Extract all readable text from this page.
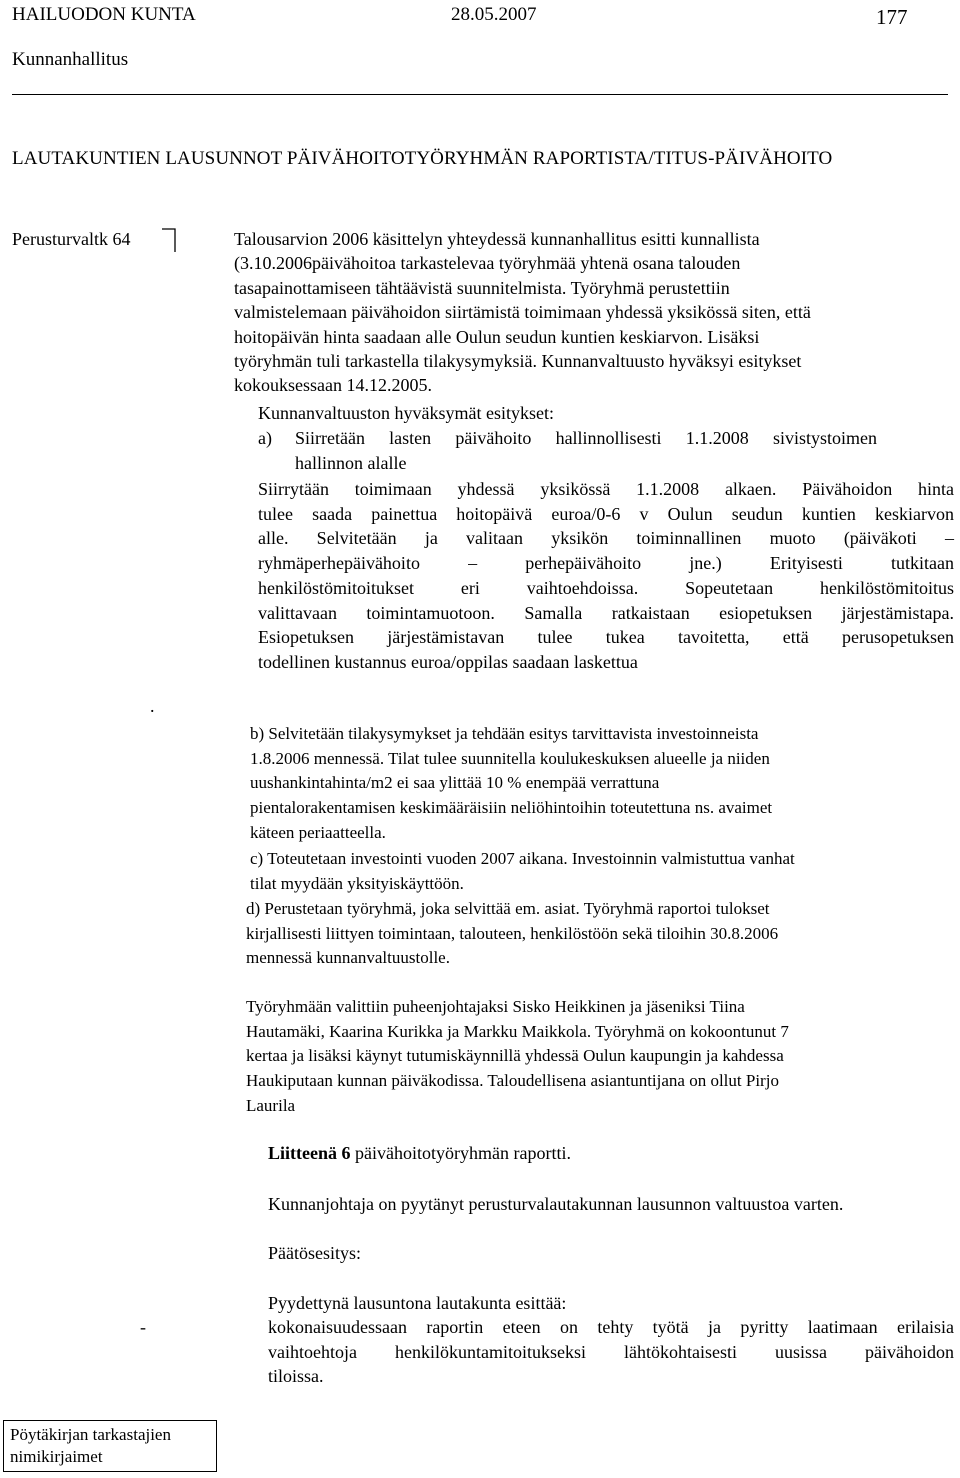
HAILUODON KUNTA	28.05.2007	177
Kunnanhallitus
LAUTAKUNTIEN LAUSUNNOT PÄIVÄHOITOTYÖRYHMÄN RAPORTISTA/TITUS-PÄIVÄHOITO
Perusturvaltk 64	Talousarvion 2006 käsittelyn yhteydessä kunnanhallitus esitti kunnallista
(3.10.2006päivähoitoa tarkastelevaa työryhmää yhtenä osana talouden
tasapainottamiseen tähtäävistä suunnitelmista. Työryhmä perustettiin
valmistelemaan päivähoidon siirtämistä toimimaan yhdessä yksikössä siten, että
hoitopäivän hinta saadaan alle Oulun seudun kuntien keskiarvon. Lisäksi
työryhmän tuli tarkastella tilakysymyksiä. Kunnanvaltuusto hyväksyi esitykset
kokouksessaan 14.12.2005.
Kunnanvaltuuston hyväksymät esitykset:
a) Siirretään lasten päivähoito hallinnollisesti 1.1.2008 sivistystoimen
hallinnon alalle
Siirrytään toimimaan yhdessä yksikössä 1.1.2008 alkaen. Päivähoidon hinta
tulee saada painettua hoitopäivä euroa/0-6 v Oulun seudun kuntien keskiarvon
alle. Selvitetään ja valitaan yksikön toiminnallinen muoto (päiväkoti –
ryhmäperhepäivähoito – perhepäivähoito jne.) Erityisesti tutkitaan
henkilöstömitoitukset eri vaihtoehdoissa. Sopeutetaan henkilöstömitoitus
valittavaan toimintamuotoon. Samalla ratkaistaan esiopetuksen järjestämistapa.
Esiopetuksen järjestämistavan tulee tukea tavoitetta, että perusopetuksen
todellinen kustannus euroa/oppilas saadaan laskettua
.
b) Selvitetään tilakysymykset ja tehdään esitys tarvittavista investoinneista
1.8.2006 mennessä. Tilat tulee suunnitella koulukeskuksen alueelle ja niiden
uushankintahinta/m2 ei saa ylittää 10 % enempää verrattuna
pientalorakentamisen keskimääräisiin neliöhintoihin toteutettuna ns. avaimet
käteen periaatteella.
c) Toteutetaan investointi vuoden 2007 aikana. Investoinnin valmistuttua vanhat
tilat myydään yksityiskäyttöön.
d) Perustetaan työryhmä, joka selvittää em. asiat. Työryhmä raportoi tulokset
kirjallisesti liittyen toimintaan, talouteen, henkilöstöön sekä tiloihin 30.8.2006
mennessä kunnanvaltuustolle.
Työryhmään valittiin puheenjohtajaksi Sisko Heikkinen ja jäseniksi Tiina
Hautamäki, Kaarina Kurikka ja Markku Maikkola. Työryhmä on kokoontunut 7
kertaa ja lisäksi käynyt tutumiskäynnillä yhdessä Oulun kaupungin ja kahdessa
Haukiputaan kunnan päiväkodissa. Taloudellisena asiantuntijana on ollut Pirjo
Laurila
Liitteenä 6 päivähoitotyöryhmän raportti.
Kunnanjohtaja on pyytänyt perusturvalautakunnan lausunnon valtuustoa varten.
Päätösesitys:
Pyydettynä lausuntona lautakunta esittää:
-	kokonaisuudessaan raportin eteen on tehty työtä ja pyritty laatimaan erilaisia
vaihtoehtoja henkilökuntamitoitukseksi lähtökohtaisesti uusissa päivähoidon
tiloissa.
Pöytäkirjan tarkastajien
nimikirjaimet
